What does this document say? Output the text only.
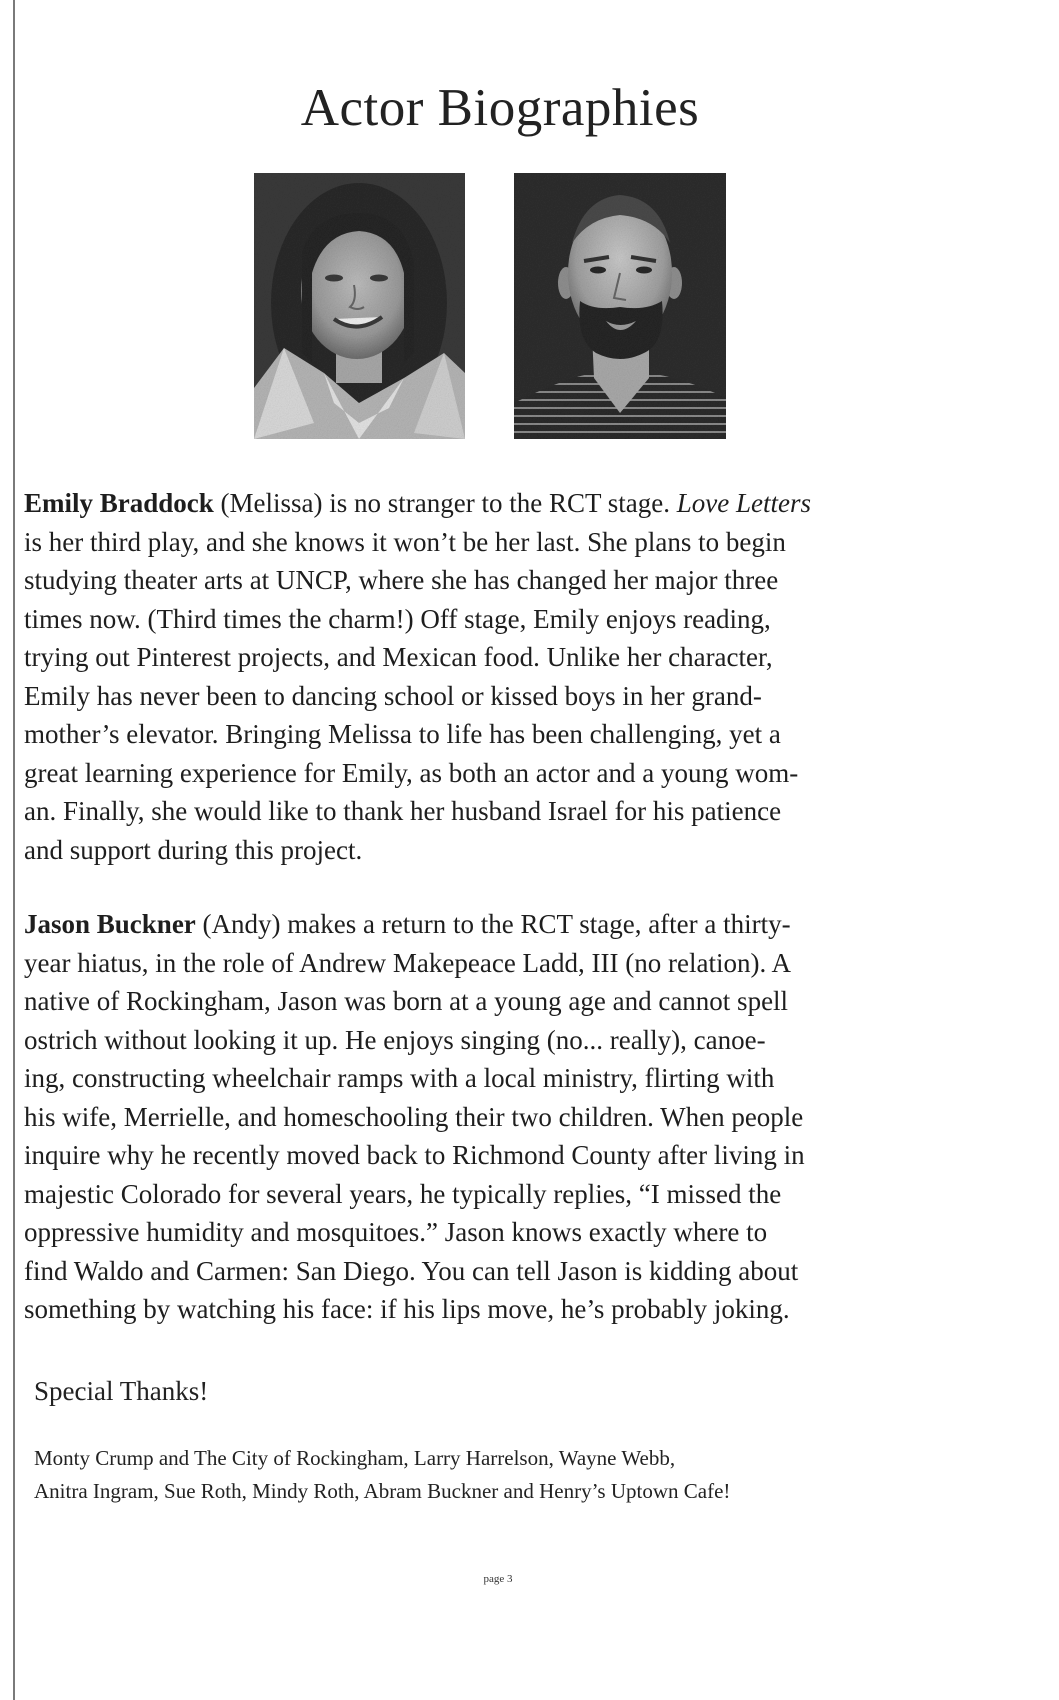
Actor Biographies

Emily Braddock (Melissa) is no stranger to the RCT stage. Love Letters
is her third play, and she knows it won’t be her last. She plans to begin
studying theater arts at UNCP, where she has changed her major three
times now. (Third times the charm!) Off stage, Emily enjoys reading,
trying out Pinterest projects, and Mexican food. Unlike her character,
Emily has never been to dancing school or kissed boys in her grand-
mother’s elevator. Bringing Melissa to life has been challenging, yet a
great learning experience for Emily, as both an actor and a young wom-
an. Finally, she would like to thank her husband Israel for his patience
and support during this project.

Jason Buckner (Andy) makes a return to the RCT stage, after a thirty-
year hiatus, in the role of Andrew Makepeace Ladd, III (no relation). A
native of Rockingham, Jason was born at a young age and cannot spell
ostrich without looking it up. He enjoys singing (no... really), canoe-
ing, constructing wheelchair ramps with a local ministry, flirting with
his wife, Merrielle, and homeschooling their two children. When people
inquire why he recently moved back to Richmond County after living in
majestic Colorado for several years, he typically replies, “I missed the
oppressive humidity and mosquitoes.” Jason knows exactly where to
find Waldo and Carmen: San Diego. You can tell Jason is kidding about
something by watching his face: if his lips move, he’s probably joking.

Special Thanks!

Monty Crump and The City of Rockingham, Larry Harrelson, Wayne Webb,
Anitra Ingram, Sue Roth, Mindy Roth, Abram Buckner and Henry’s Uptown Cafe!

page 3
